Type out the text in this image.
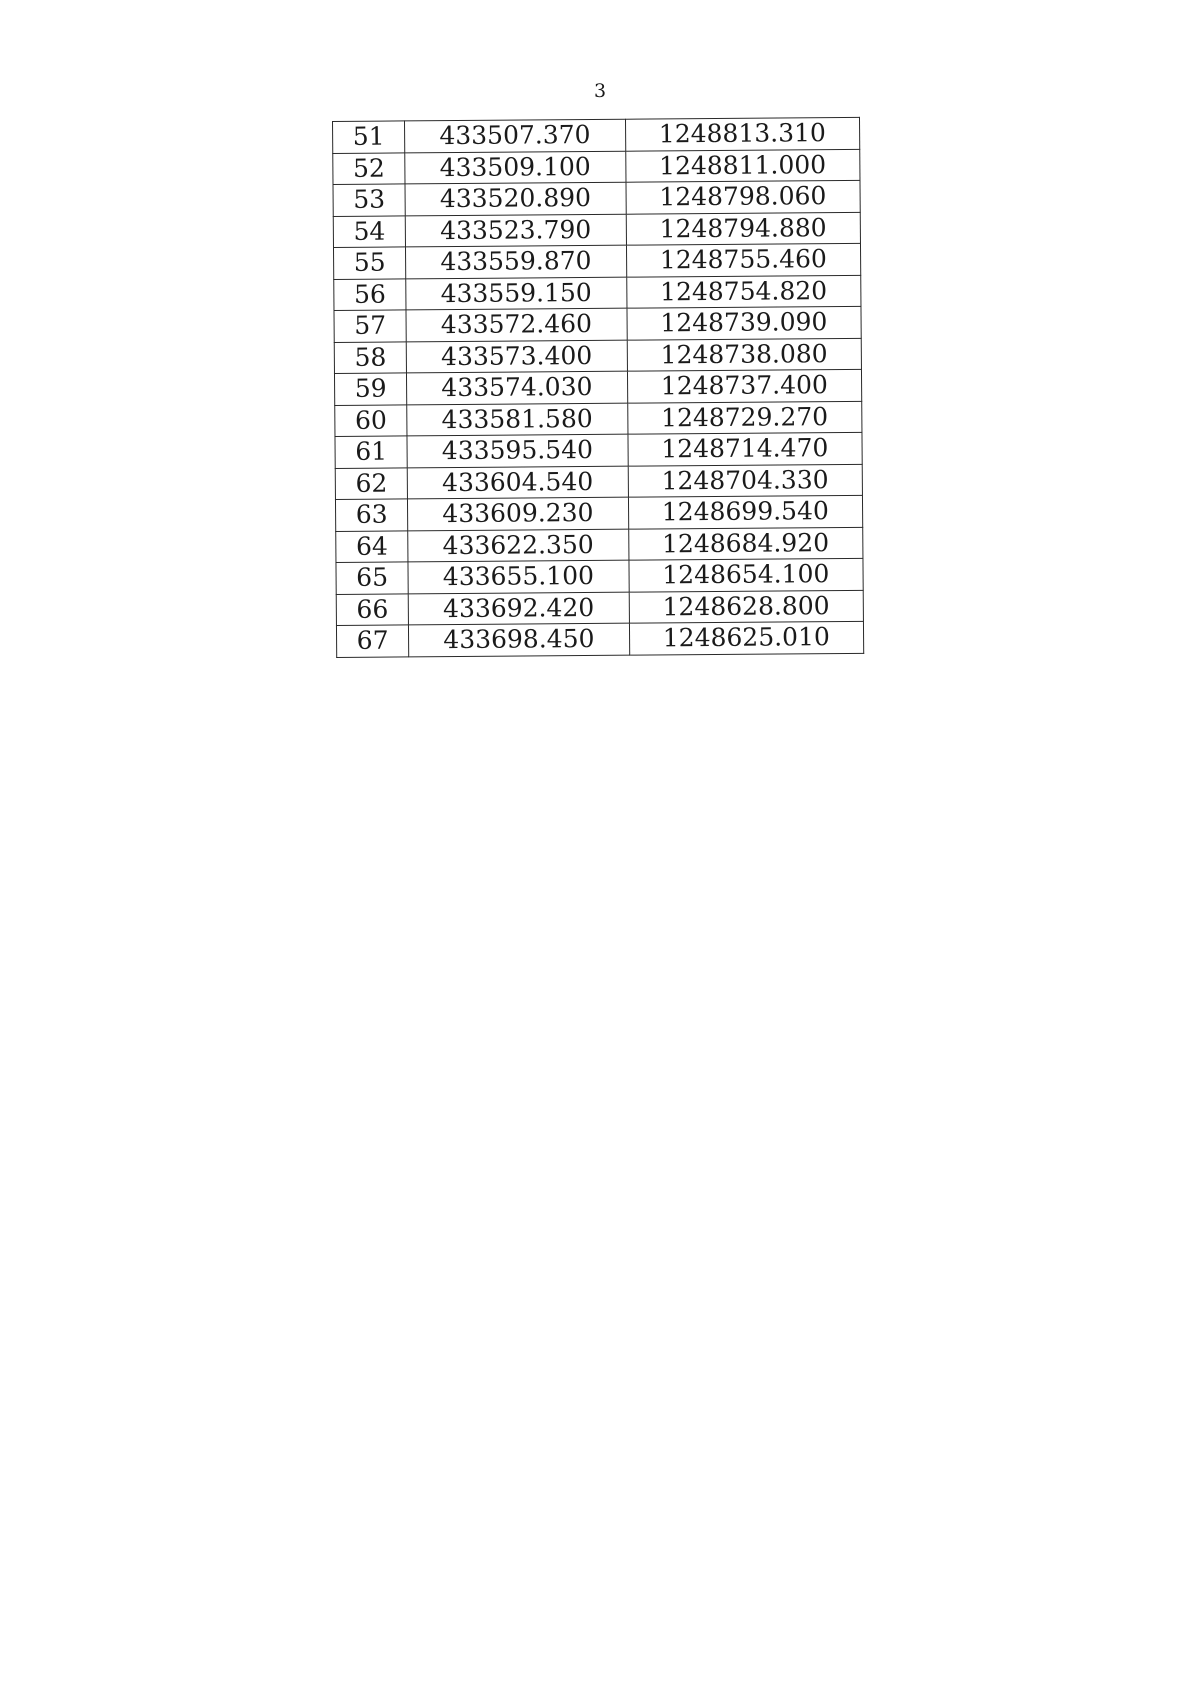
3
51	433507.370	1248813.310
52	433509.100	1248811.000
53	433520.890	1248798.060
54	433523.790	1248794.880
55	433559.870	1248755.460
56	433559.150	1248754.820
57	433572.460	1248739.090
58	433573.400	1248738.080
59	433574.030	1248737.400
60	433581.580	1248729.270
61	433595.540	1248714.470
62	433604.540	1248704.330
63	433609.230	1248699.540
64	433622.350	1248684.920
65	433655.100	1248654.100
66	433692.420	1248628.800
67	433698.450	1248625.010
